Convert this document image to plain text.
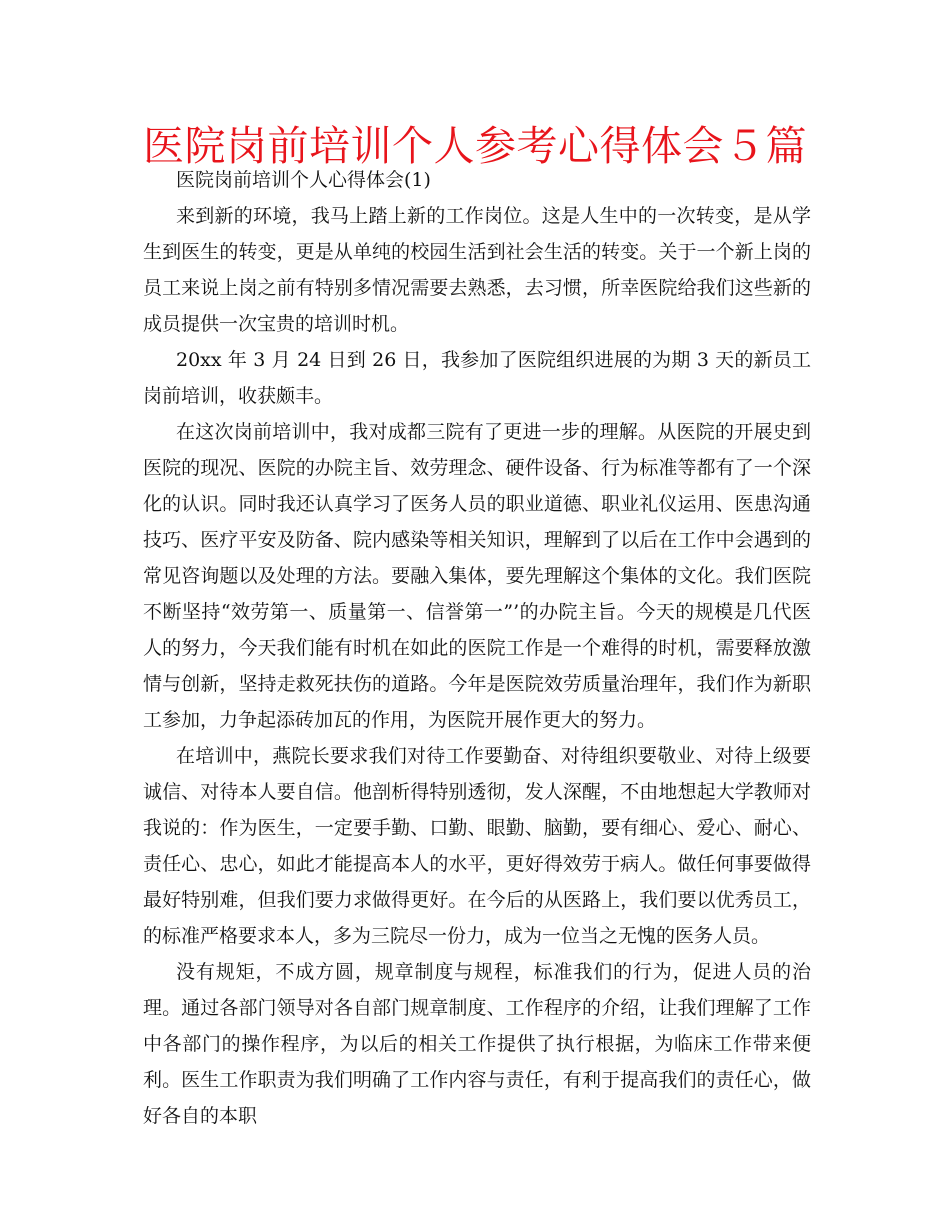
医院岗前培训个人参考心得体会５篇

医院岗前培训个人心得体会(1)

来到新的环境，我马上踏上新的工作岗位。这是人生中的一次转变，是从学生到医生的转变，更是从单纯的校园生活到社会生活的转变。关于一个新上岗的员工来说上岗之前有特别多情况需要去熟悉，去习惯，所幸医院给我们这些新的成员提供一次宝贵的培训时机。

20xx 年 3 月 24 日到 26 日，我参加了医院组织进展的为期 3 天的新员工岗前培训，收获颇丰。

在这次岗前培训中，我对成都三院有了更进一步的理解。从医院的开展史到医院的现况、医院的办院主旨、效劳理念、硬件设备、行为标准等都有了一个深化的认识。同时我还认真学习了医务人员的职业道德、职业礼仪运用、医患沟通技巧、医疗平安及防备、院内感染等相关知识，理解到了以后在工作中会遇到的常见咨询题以及处理的方法。要融入集体，要先理解这个集体的文化。我们医院不断坚持“效劳第一、质量第一、信誉第一”’的办院主旨。今天的规模是几代医人的努力，今天我们能有时机在如此的医院工作是一个难得的时机，需要释放激情与创新，坚持走救死扶伤的道路。今年是医院效劳质量治理年，我们作为新职工参加，力争起添砖加瓦的作用，为医院开展作更大的努力。

在培训中，燕院长要求我们对待工作要勤奋、对待组织要敬业、对待上级要诚信、对待本人要自信。他剖析得特别透彻，发人深醒，不由地想起大学教师对我说的：作为医生，一定要手勤、口勤、眼勤、脑勤，要有细心、爱心、耐心、责任心、忠心，如此才能提高本人的水平，更好得效劳于病人。做任何事要做得最好特别难，但我们要力求做得更好。在今后的从医路上，我们要以优秀员工，的标准严格要求本人，多为三院尽一份力，成为一位当之无愧的医务人员。

没有规矩，不成方圆，规章制度与规程，标准我们的行为，促进人员的治理。通过各部门领导对各自部门规章制度、工作程序的介绍，让我们理解了工作中各部门的操作程序，为以后的相关工作提供了执行根据，为临床工作带来便利。医生工作职责为我们明确了工作内容与责任，有利于提高我们的责任心，做好各自的本职
